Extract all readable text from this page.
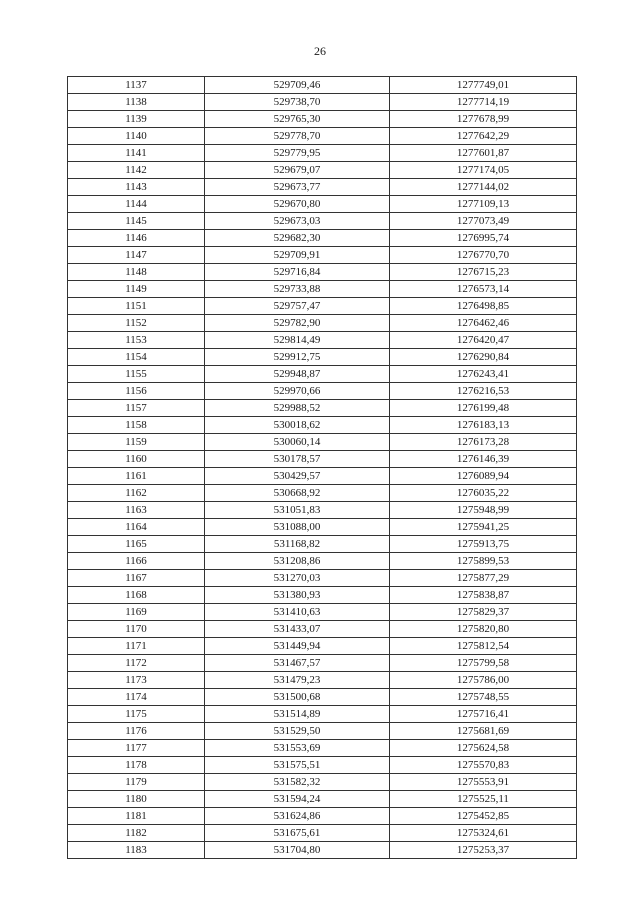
26
1137	529709,46	1277749,01
1138	529738,70	1277714,19
1139	529765,30	1277678,99
1140	529778,70	1277642,29
1141	529779,95	1277601,87
1142	529679,07	1277174,05
1143	529673,77	1277144,02
1144	529670,80	1277109,13
1145	529673,03	1277073,49
1146	529682,30	1276995,74
1147	529709,91	1276770,70
1148	529716,84	1276715,23
1149	529733,88	1276573,14
1151	529757,47	1276498,85
1152	529782,90	1276462,46
1153	529814,49	1276420,47
1154	529912,75	1276290,84
1155	529948,87	1276243,41
1156	529970,66	1276216,53
1157	529988,52	1276199,48
1158	530018,62	1276183,13
1159	530060,14	1276173,28
1160	530178,57	1276146,39
1161	530429,57	1276089,94
1162	530668,92	1276035,22
1163	531051,83	1275948,99
1164	531088,00	1275941,25
1165	531168,82	1275913,75
1166	531208,86	1275899,53
1167	531270,03	1275877,29
1168	531380,93	1275838,87
1169	531410,63	1275829,37
1170	531433,07	1275820,80
1171	531449,94	1275812,54
1172	531467,57	1275799,58
1173	531479,23	1275786,00
1174	531500,68	1275748,55
1175	531514,89	1275716,41
1176	531529,50	1275681,69
1177	531553,69	1275624,58
1178	531575,51	1275570,83
1179	531582,32	1275553,91
1180	531594,24	1275525,11
1181	531624,86	1275452,85
1182	531675,61	1275324,61
1183	531704,80	1275253,37
